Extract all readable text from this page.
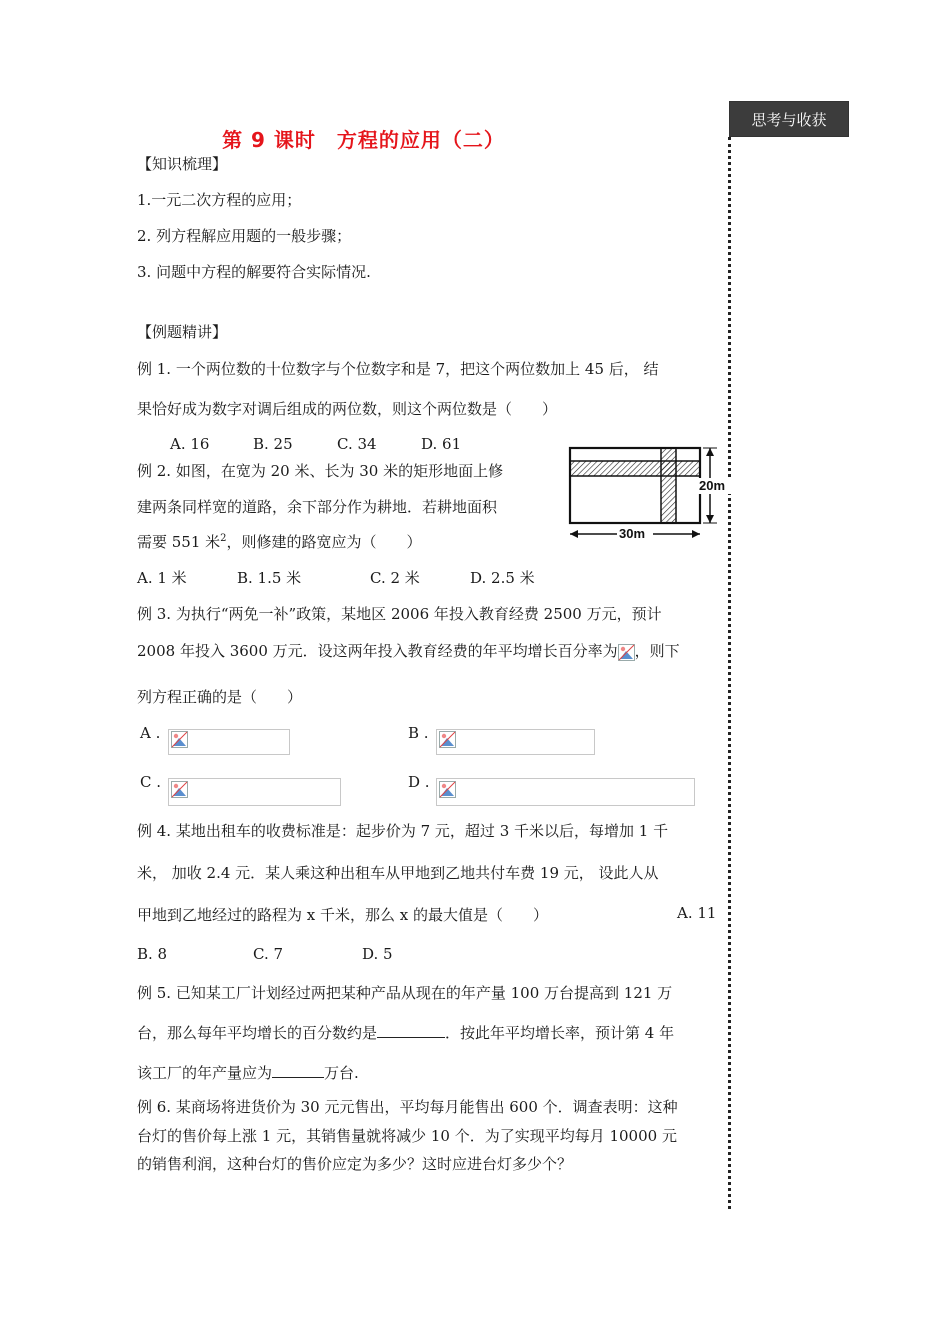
思考与收获
第 9 课时　方程的应用（二）
【知识梳理】
1.一元二次方程的应用；
2. 列方程解应用题的一般步骤；
3. 问题中方程的解要符合实际情况.
【例题精讲】
例 1. 一个两位数的十位数字与个位数字和是 7，把这个两位数加上 45 后， 结
果恰好成为数字对调后组成的两位数，则这个两位数是（　　）
A. 16	B. 25	C. 34	D. 61
例 2. 如图，在宽为 20 米、长为 30 米的矩形地面上修
建两条同样宽的道路，余下部分作为耕地．若耕地面积
需要 551 米$^2$，则修建的路宽应为（　　）
A. 1 米	B. 1.5 米	C. 2 米	D. 2.5 米
20m
30m
例 3. 为执行“两免一补”政策，某地区 2006 年投入教育经费 2500 万元，预计
2008 年投入 3600 万元．设这两年投入教育经费的年平均增长百分率为 ，则下
列方程正确的是（　　）
A .	B .
C .	D .
例 4. 某地出租车的收费标准是：起步价为 7 元，超过 3 千米以后，每增加 1 千
米， 加收 2.4 元．某人乘这种出租车从甲地到乙地共付车费 19 元， 设此人从
甲地到乙地经过的路程为 x 千米，那么 x 的最大值是（　　）	A. 11
B. 8	C. 7	D. 5
例 5. 已知某工厂计划经过两把某种产品从现在的年产量 100 万台提高到 121 万
台，那么每年平均增长的百分数约是	．按此年平均增长率，预计第 4 年
该工厂的年产量应为	万台.
例 6. 某商场将进货价为 30 元元售出，平均每月能售出 600 个．调查表明：这种
台灯的售价每上涨 1 元，其销售量就将减少 10 个．为了实现平均每月 10000 元
的销售利润，这种台灯的售价应定为多少？这时应进台灯多少个？
